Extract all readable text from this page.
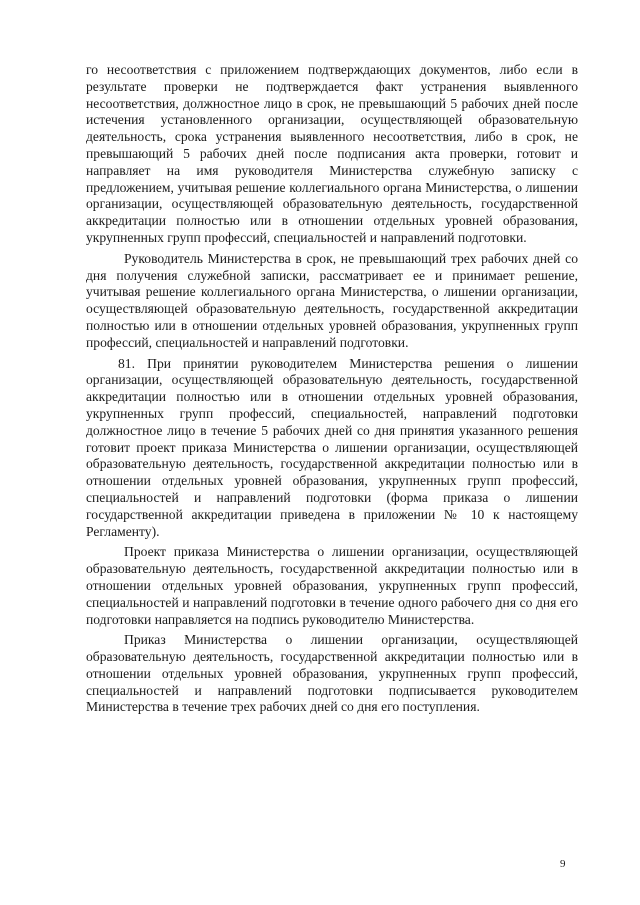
го несоответствия с приложением подтверждающих документов, либо если в результате проверки не подтверждается факт устранения выявленного несоответствия, должностное лицо в срок, не превышающий 5 рабочих дней после истечения установленного организации, осуществляющей образовательную деятельность, срока устранения выявленного несоответствия, либо в срок, не превышающий 5 рабочих дней после подписания акта проверки, готовит и направляет на имя руководителя Министерства служебную записку с предложением, учитывая решение коллегиального органа Министерства, о лишении организации, осуществляющей образовательную деятельность, государственной аккредитации полностью или в отношении отдельных уровней образования, укрупненных групп профессий, специальностей и направлений подготовки.

Руководитель Министерства в срок, не превышающий трех рабочих дней со дня получения служебной записки, рассматривает ее и принимает решение, учитывая решение коллегиального органа Министерства, о лишении организации, осуществляющей образовательную деятельность, государственной аккредитации полностью или в отношении отдельных уровней образования, укрупненных групп профессий, специальностей и направлений подготовки.

81. При принятии руководителем Министерства решения о лишении организации, осуществляющей образовательную деятельность, государственной аккредитации полностью или в отношении отдельных уровней образования, укрупненных групп профессий, специальностей, направлений подготовки должностное лицо в течение 5 рабочих дней со дня принятия указанного решения готовит проект приказа Министерства о лишении организации, осуществляющей образовательную деятельность, государственной аккредитации полностью или в отношении отдельных уровней образования, укрупненных групп профессий, специальностей и направлений подготовки (форма приказа о лишении государственной аккредитации приведена в приложении № 10 к настоящему Регламенту).

Проект приказа Министерства о лишении организации, осуществляющей образовательную деятельность, государственной аккредитации полностью или в отношении отдельных уровней образования, укрупненных групп профессий, специальностей и направлений подготовки в течение одного рабочего дня со дня его подготовки направляется на подпись руководителю Министерства.

Приказ Министерства о лишении организации, осуществляющей образовательную деятельность, государственной аккредитации полностью или в отношении отдельных уровней образования, укрупненных групп профессий, специальностей и направлений подготовки подписывается руководителем Министерства в течение трех рабочих дней со дня его поступления.

9
